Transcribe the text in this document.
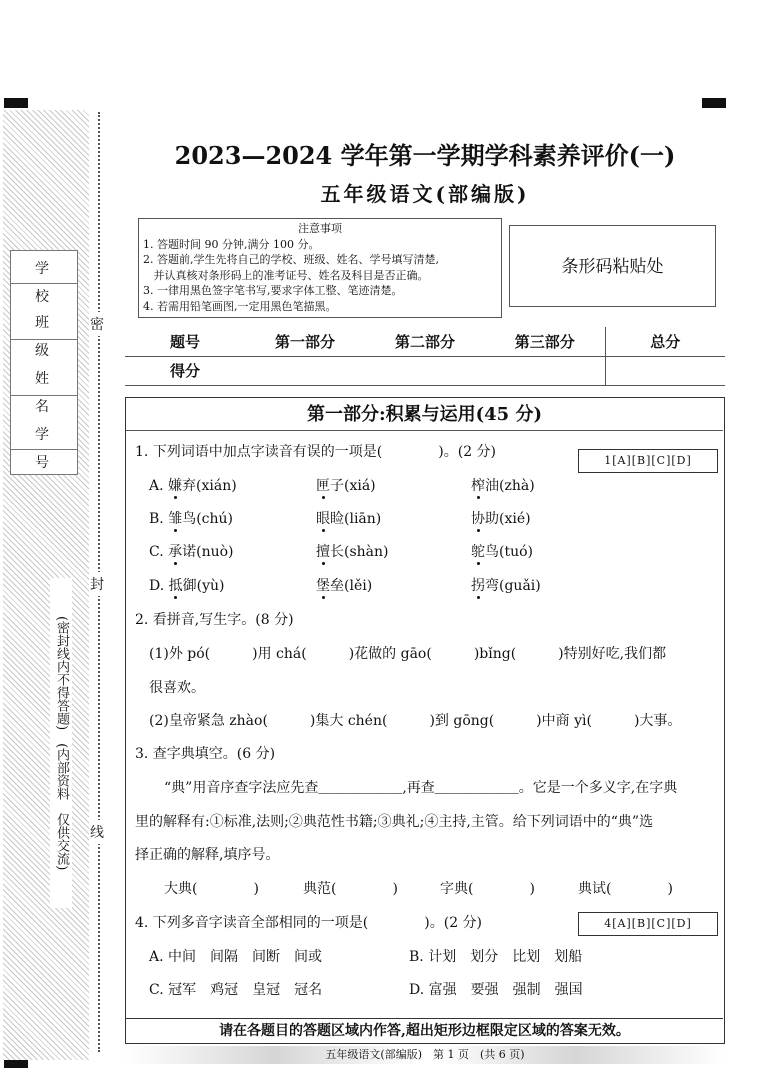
学校
班级
姓名
学号
(密封线内不得答题)　(内部资料　仅供交流)
密
封
线
2023—2024 学年第一学期学科素养评价(一)
五年级语文(部编版)
注意事项
1. 答题时间 90 分钟,满分 100 分。
2. 答题前,学生先将自己的学校、班级、姓名、学号填写清楚,
并认真核对条形码上的准考证号、姓名及科目是否正确。
3. 一律用黑色签字笔书写,要求字体工整、笔迹清楚。
4. 若需用铅笔画图,一定用黑色笔描黑。
条形码粘贴处
题号	第一部分	第二部分	第三部分	总分
得分				
第一部分:积累与运用(45 分)
1. 下列词语中加点字读音有误的一项是(　　　　)。(2 分)
1[A][B][C][D]
A. 嫌弃(xián)	匣子(xiá)	榨油(zhà)
B. 雏鸟(chú)	眼睑(liān)	协助(xié)
C. 承诺(nuò)	擅长(shàn)	鸵鸟(tuó)
D. 抵御(yù)	堡垒(lěi)	拐弯(guǎi)
2. 看拼音,写生字。(8 分)
(1)外 pó(　　　)用 chá(　　　)花做的 gāo(　　　)bǐng(　　　)特别好吃,我们都
很喜欢。
(2)皇帝紧急 zhào(　　　)集大 chén(　　　)到 gōng(　　　)中商 yì(　　　)大事。
3. 查字典填空。(6 分)
“典”用音序查字法应先查＿＿＿＿＿＿,再查＿＿＿＿＿＿。它是一个多义字,在字典
里的解释有:①标准,法则;②典范性书籍;③典礼;④主持,主管。给下列词语中的“典”选
择正确的解释,填序号。
大典(　　　　)	典范(　　　　)	字典(　　　　)	典试(　　　　)
4. 下列多音字读音全部相同的一项是(　　　　)。(2 分)	4[A][B][C][D]
A. 中间　间隔　间断　间或	B. 计划　划分　比划　划船
C. 冠军　鸡冠　皇冠　冠名	D. 富强　要强　强制　强国
请在各题目的答题区域内作答,超出矩形边框限定区域的答案无效。
五年级语文(部编版)　第 1 页　(共 6 页)
